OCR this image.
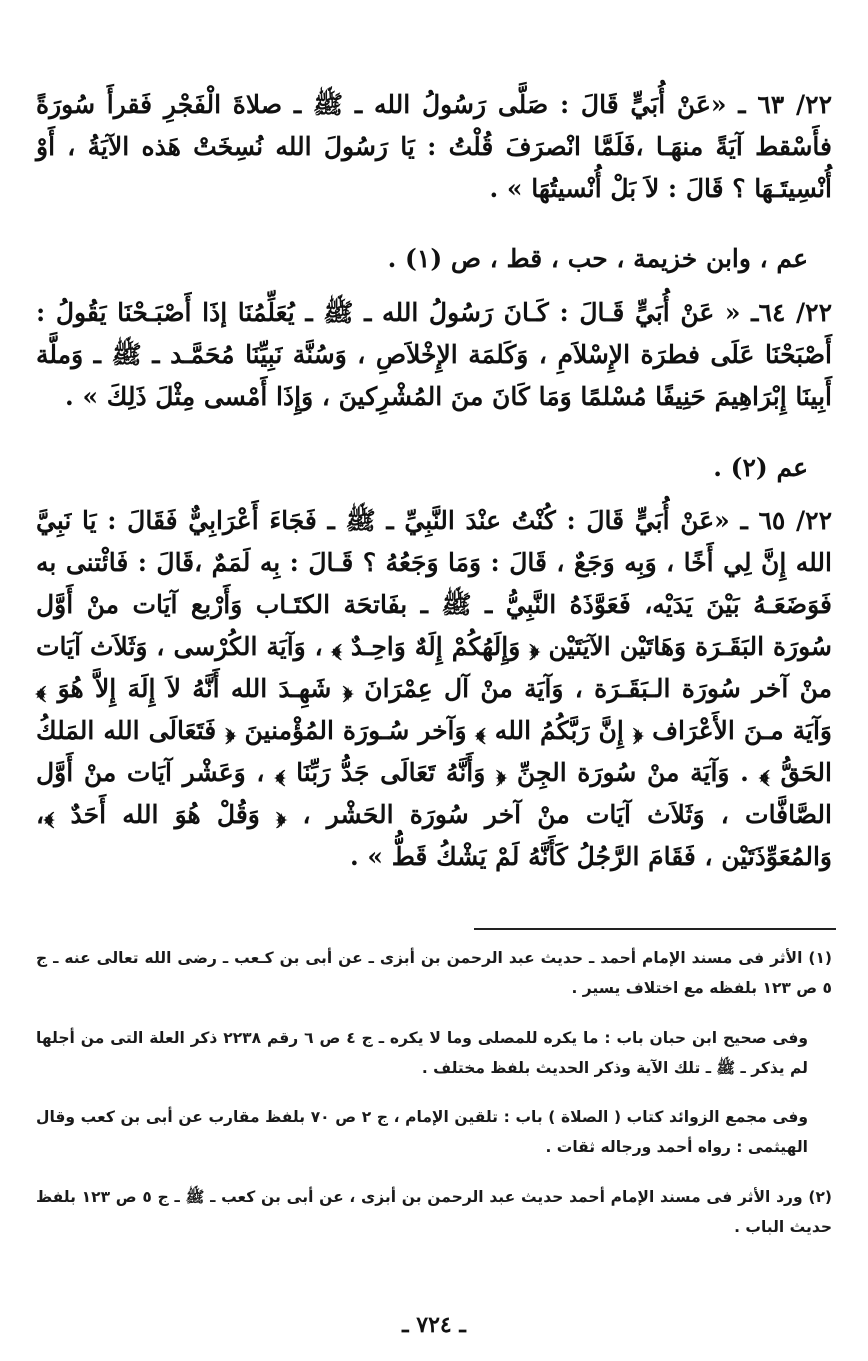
٢٢/ ٦٣ ـ «عَنْ أُبَيٍّ قَالَ : صَلَّى رَسُولُ الله ـ ﷺ ـ صلاةَ الْفَجْرِ فَقرأَ سُورَةً فأَسْقط آيَةً منهَـا ،فَلَمَّا انْصرَفَ قُلْتُ : يَا رَسُولَ الله نُسِخَتْ هَذه الآيَةُ ، أَوْ أُنْسِيتَـهَا ؟ قَالَ : لاَ بَلْ أُنْسيتُهَا » .
عم ، وابن خزيمة ، حب ، قط ، ص (١) .
٢٢/ ٦٤ـ « عَنْ أُبَيٍّ قَـالَ : كَـانَ رَسُولُ الله ـ ﷺ ـ يُعَلِّمُنَا إذَا أَصْبَـحْنَا يَقُولُ : أَصْبَحْنَا عَلَى فطرَة الإِسْلاَمِ ، وَكَلمَة الإِخْلاَصِ ، وَسُنَّة نَبِيِّنَا مُحَمَّـد ـ ﷺ ـ وَملَّة أَبِينَا إِبْرَاهِيمَ حَنِيفًا مُسْلمًا وَمَا كَانَ منَ المُشْرِكينَ ، وَإِذَا أَمْسى مِثْلَ ذَلِكَ » .
عم (٢) .
٢٢/ ٦٥ ـ «عَنْ أُبَيٍّ قَالَ : كُنْتُ عنْدَ النَّبِيِّ ـ ﷺ ـ فَجَاءَ أَعْرَابِيٌّ فَقَالَ : يَا نَبِيَّ الله إِنَّ لِي أَخًا ، وَبِه وَجَعٌ ، قَالَ : وَمَا وَجَعُهُ ؟ قَـالَ : بِه لَمَمٌ ،قَالَ : فَائْتنى به فَوَضَعَـهُ بَيْنَ يَدَيْه، فَعَوَّذَهُ النَّبِيُّ ـ ﷺ ـ بفَاتحَة الكتَـاب وَأَرْبع آيَات منْ أَوَّل سُورَة البَقَـرَة وَهَاتَيْن الآيَتَيْن ﴿ وَإِلَهُكُمْ إِلَهٌ وَاحِـدٌ ﴾ ، وَآيَة الكُرْسى ، وَثَلاَث آيَات منْ آخر سُورَة الـبَقَـرَة ، وَآيَة منْ آل عِمْرَانَ ﴿ شَهِـدَ الله أَنَّهُ لاَ إِلَهَ إِلاَّ هُوَ ﴾ وَآيَة مـنَ الأَعْرَاف ﴿ إِنَّ رَبَّكُمُ الله ﴾ وَآخر سُـورَة المُؤْمنينَ ﴿ فَتَعَالَى الله المَلكُ الحَقُّ ﴾ . وَآيَة منْ سُورَة الجِنِّ ﴿ وَأَنَّهُ تَعَالَى جَدُّ رَبِّنَا ﴾ ، وَعَشْر آيَات منْ أَوَّل الصَّافَّات ، وَثَلاَث آيَات منْ آخر سُورَة الحَشْر ، ﴿ وَقُلْ هُوَ الله أَحَدٌ ﴾، وَالمُعَوِّذَتَيْن ، فَقَامَ الرَّجُلُ كَأَنَّهُ لَمْ يَشْكُ قَطُّ » .
(١) الأثر فى مسند الإمام أحمد ـ حديث عبد الرحمن بن أبزى ـ عن أبى بن كـعب ـ رضى الله تعالى عنه ـ ج ٥ ص ١٢٣ بلفظه مع اختلاف يسير .
وفى صحيح ابن حبان باب : ما يكره للمصلى وما لا يكره ـ ج ٤ ص ٦ رقم ٢٢٣٨ ذكر العلة التى من أجلها لم يذكر ـ ﷺ ـ تلك الآية وذكر الحديث بلفظ مختلف .
وفى مجمع الزوائد كتاب ( الصلاة ) باب : تلقين الإمام ، ج ٢ ص ٧٠ بلفظ مقارب عن أبى بن كعب وقال الهيثمى : رواه أحمد ورجاله ثقات .
(٢) ورد الأثر فى مسند الإمام أحمد حديث عبد الرحمن بن أبزى ، عن أبى بن كعب ـ ﷺ ـ ج ٥ ص ١٢٣ بلفظ حديث الباب .
ـ ٧٢٤ ـ
